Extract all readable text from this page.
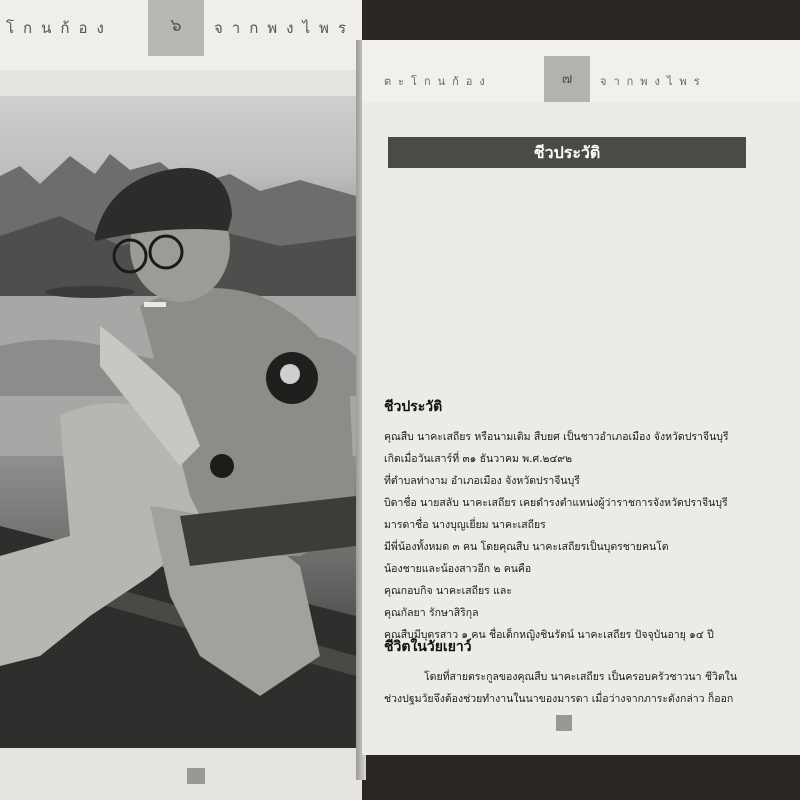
โกนก้อง	๖	จากพงไพร
ตะโกนก้อง	๗	จากพงไพร
ชีวประวัติ
ชีวประวัติ
คุณสืบ นาคะเสถียร หรือนามเดิม สืบยศ เป็นชาวอำเภอเมือง จังหวัดปราจีนบุรี
เกิดเมื่อวันเสาร์ที่ ๓๑ ธันวาคม พ.ศ.๒๔๙๒
ที่ตำบลท่างาม อำเภอเมือง จังหวัดปราจีนบุรี
บิดาชื่อ นายสลับ นาคะเสถียร เคยดำรงตำแหน่งผู้ว่าราชการจังหวัดปราจีนบุรี
มารดาชื่อ นางบุญเยี่ยม นาคะเสถียร
มีพี่น้องทั้งหมด ๓ คน โดยคุณสืบ นาคะเสถียรเป็นบุตรชายคนโต
น้องชายและน้องสาวอีก ๒ คนคือ
คุณกอบกิจ นาคะเสถียร และ
คุณกัลยา รักษาสิริกุล
คุณสืบมีบุตรสาว ๑ คน ชื่อเด็กหญิงชินรัตน์ นาคะเสถียร ปัจจุบันอายุ ๑๔ ปี
ชีวิตในวัยเยาว์
โดยที่สายตระกูลของคุณสืบ นาคะเสถียร เป็นครอบครัวชาวนา ชีวิตใน
ช่วงปฐมวัยจึงต้องช่วยทำงานในนาของมารดา เมื่อว่างจากภาระดังกล่าว ก็ออก
